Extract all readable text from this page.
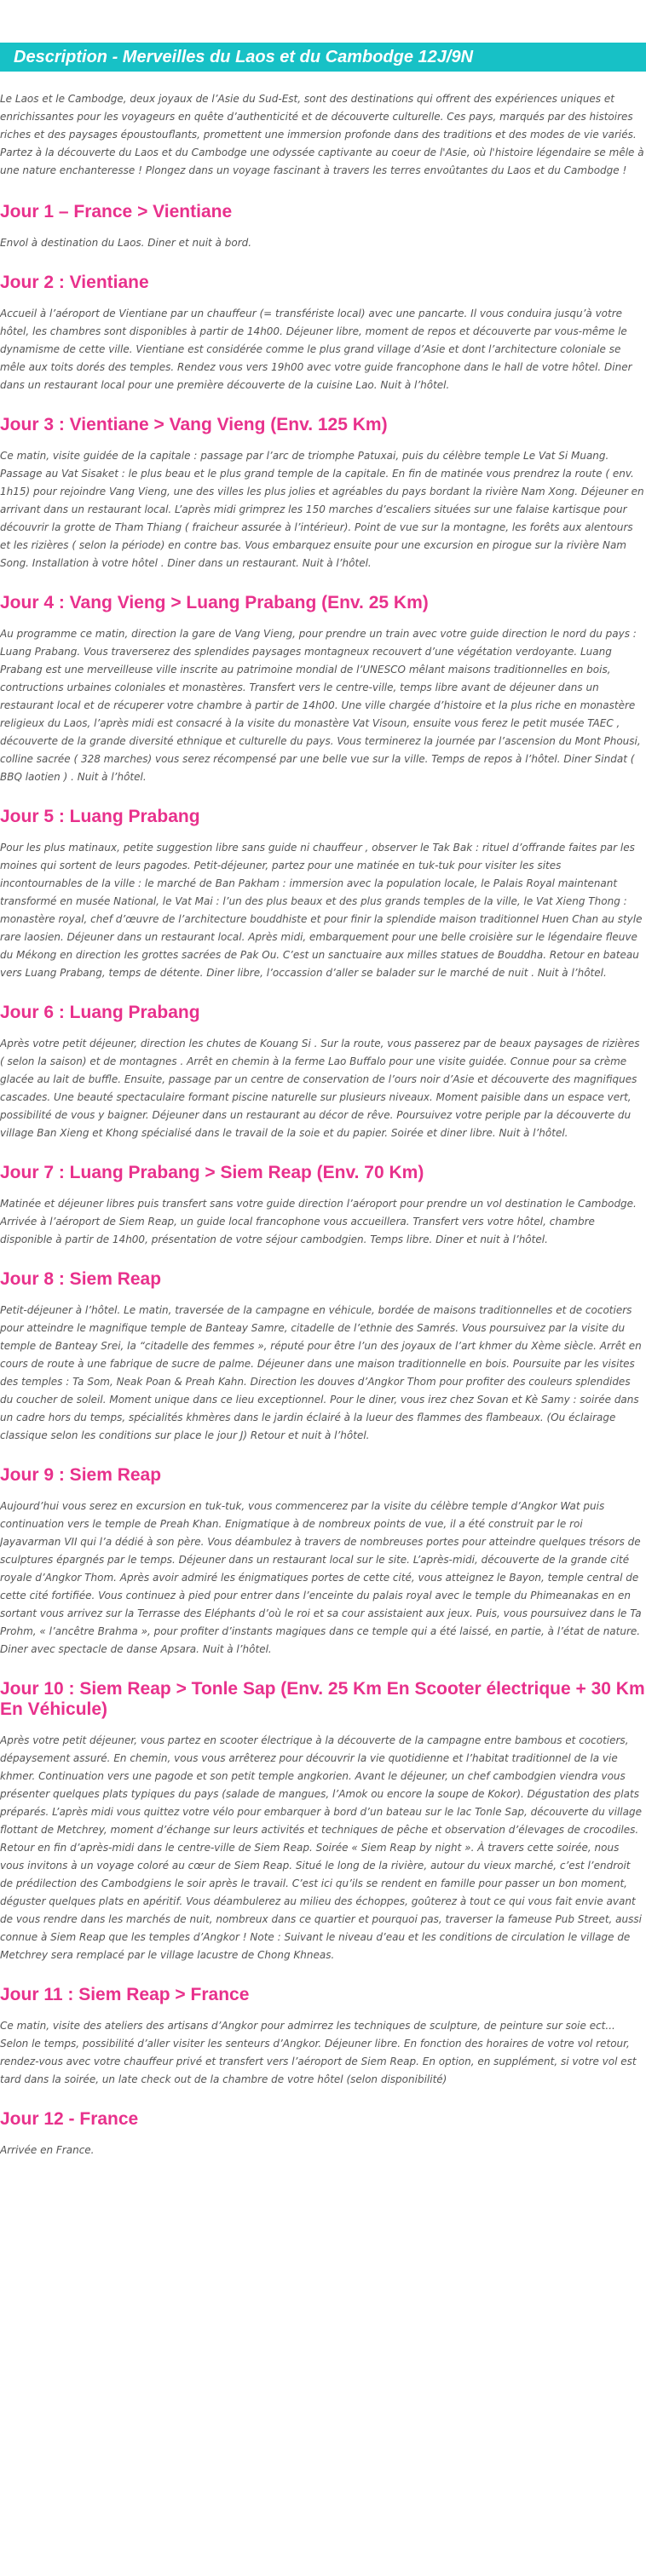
Description - Merveilles du Laos et du Cambodge 12J/9N

Le Laos et le Cambodge, deux joyaux de l’Asie du Sud-Est, sont des destinations qui offrent des expériences uniques et enrichissantes pour les voyageurs en quête d’authenticité et de découverte culturelle. Ces pays, marqués par des histoires riches et des paysages époustouflants, promettent une immersion profonde dans des traditions et des modes de vie variés. Partez à la découverte du Laos et du Cambodge une odyssée captivante au coeur de l'Asie, où l'histoire légendaire se mêle à une nature enchanteresse ! Plongez dans un voyage fascinant à travers les terres envoûtantes du Laos et du Cambodge !

Jour 1 – France > Vientiane

Envol à destination du Laos. Diner et nuit à bord.

Jour 2 : Vientiane

Accueil à l’aéroport de Vientiane par un chauffeur (= transféristе local) avec une pancarte. Il vous conduira jusqu’à votre hôtel, les chambres sont disponibles à partir de 14h00. Déjeuner libre, moment de repos et découverte par vous-même le dynamisme de cette ville. Vientiane est considérée comme le plus grand village d’Asie et dont l’architecture coloniale se mêle aux toits dorés des temples. Rendez vous vers 19h00 avec votre guide francophone dans le hall de votre hôtel. Diner dans un restaurant local pour une première découverte de la cuisine Lao. Nuit à l’hôtel.

Jour 3 : Vientiane > Vang Vieng (Env. 125 Km)

Ce matin, visite guidée de la capitale : passage par l’arc de triomphe Patuxai, puis du célèbre temple Le Vat Si Muang. Passage au Vat Sisaket : le plus beau et le plus grand temple de la capitale. En fin de matinée vous prendrez la route ( env. 1h15) pour rejoindre Vang Vieng, une des villes les plus jolies et agréables du pays bordant la rivière Nam Xong. Déjeuner en arrivant dans un restaurant local. L’après midi grimprez les 150 marches d’escaliers situées sur une falaise kartisque pour découvrir la grotte de Tham Thiang ( fraicheur assurée à l’intérieur). Point de vue sur la montagne, les forêts aux alentours et les rizières ( selon la période) en contre bas. Vous embarquez ensuite pour une excursion en pirogue sur la rivière Nam Song. Installation à votre hôtel . Diner dans un restaurant. Nuit à l’hôtel.

Jour 4 : Vang Vieng > Luang Prabang (Env. 25 Km)

Au programme ce matin, direction la gare de Vang Vieng, pour prendre un train avec votre guide direction le nord du pays : Luang Prabang. Vous traverserez des splendides paysages montagneux recouvert d’une végétation verdoyante. Luang Prabang est une merveilleuse ville inscrite au patrimoine mondial de l’UNESCO mêlant maisons traditionnelles en bois, contructions urbaines coloniales et monastères. Transfert vers le centre-ville, temps libre avant de déjeuner dans un restaurant local et de récuperer votre chambre à partir de 14h00. Une ville chargée d’histoire et la plus riche en monastère religieux du Laos, l’après midi est consacré à la visite du monastère Vat Visoun, ensuite vous ferez le petit musée TAEC , découverte de la grande diversité ethnique et culturelle du pays. Vous terminerez la journée par l’ascension du Mont Phousi, colline sacrée ( 328 marches) vous serez récompensé par une belle vue sur la ville. Temps de repos à l’hôtel. Diner Sindat ( BBQ laotien ) . Nuit à l’hôtel.

Jour 5 : Luang Prabang

Pour les plus matinaux, petite suggestion libre sans guide ni chauffeur , observer le Tak Bak : rituel d’offrande faites par les moines qui sortent de leurs pagodes. Petit-déjeuner, partez pour une matinée en tuk-tuk pour visiter les sites incontournables de la ville : le marché de Ban Pakham : immersion avec la population locale, le Palais Royal maintenant transformé en musée National, le Vat Mai : l’un des plus beaux et des plus grands temples de la ville, le Vat Xieng Thong : monastère royal, chef d’œuvre de l’architecture bouddhiste et pour finir la splendide maison traditionnel Huen Chan au style rare laosien. Déjeuner dans un restaurant local. Après midi, embarquement pour une belle croisière sur le légendaire fleuve du Mékong en direction les grottes sacrées de Pak Ou. C’est un sanctuaire aux milles statues de Bouddha. Retour en bateau vers Luang Prabang, temps de détente. Diner libre, l’occassion d’aller se balader sur le marché de nuit . Nuit à l’hôtel.

Jour 6 : Luang Prabang

Après votre petit déjeuner, direction les chutes de Kouang Si . Sur la route, vous passerez par de beaux paysages de rizières ( selon la saison) et de montagnes . Arrêt en chemin à la ferme Lao Buffalo pour une visite guidée. Connue pour sa crème glacée au lait de buffle. Ensuite, passage par un centre de conservation de l’ours noir d’Asie et découverte des magnifiques cascades. Une beauté spectaculaire formant piscine naturelle sur plusieurs niveaux. Moment paisible dans un espace vert, possibilité de vous y baigner. Déjeuner dans un restaurant au décor de rêve. Poursuivez votre periple par la découverte du village Ban Xieng et Khong spécialisé dans le travail de la soie et du papier. Soirée et diner libre. Nuit à l’hôtel.

Jour 7 : Luang Prabang > Siem Reap (Env. 70 Km)

Matinée et déjeuner libres puis transfert sans votre guide direction l’aéroport pour prendre un vol destination le Cambodge. Arrivée à l’aéroport de Siem Reap, un guide local francophone vous accueillera. Transfert vers votre hôtel, chambre disponible à partir de 14h00, présentation de votre séjour cambodgien. Temps libre. Diner et nuit à l’hôtel.

Jour 8 : Siem Reap

Petit-déjeuner à l’hôtel. Le matin, traversée de la campagne en véhicule, bordée de maisons traditionnelles et de cocotiers pour atteindre le magnifique temple de Banteay Samre, citadelle de l’ethnie des Samrés. Vous poursuivez par la visite du temple de Banteay Srei, la “citadelle des femmes », réputé pour être l’un des joyaux de l’art khmer du Xème siècle. Arrêt en cours de route à une fabrique de sucre de palme. Déjeuner dans une maison traditionnelle en bois. Poursuite par les visites des temples : Ta Som, Neak Poan & Preah Kahn. Direction les douves d’Angkor Thom pour profiter des couleurs splendides du coucher de soleil. Moment unique dans ce lieu exceptionnel. Pour le diner, vous irez chez Sovan et Kè Samy : soirée dans un cadre hors du temps, spécialités khmères dans le jardin éclairé à la lueur des flammes des flambeaux. (Ou éclairage classique selon les conditions sur place le jour J) Retour et nuit à l’hôtel.

Jour 9 : Siem Reap

Aujourd’hui vous serez en excursion en tuk-tuk, vous commencerez par la visite du célèbre temple d’Angkor Wat puis continuation vers le temple de Preah Khan. Enigmatique à de nombreux points de vue, il a été construit par le roi Jayavarman VII qui l’a dédié à son père. Vous déambulez à travers de nombreuses portes pour atteindre quelques trésors de sculptures épargnés par le temps. Déjeuner dans un restaurant local sur le site. L’après-midi, découverte de la grande cité royale d’Angkor Thom. Après avoir admiré les énigmatiques portes de cette cité, vous atteignez le Bayon, temple central de cette cité fortifiée. Vous continuez à pied pour entrer dans l’enceinte du palais royal avec le temple du Phimeanakas en en sortant vous arrivez sur la Terrasse des Eléphants d’où le roi et sa cour assistaient aux jeux. Puis, vous poursuivez dans le Ta Prohm, « l’ancêtre Brahma », pour profiter d’instants magiques dans ce temple qui a été laissé, en partie, à l’état de nature. Diner avec spectacle de danse Apsara. Nuit à l’hôtel.

Jour 10 : Siem Reap > Tonle Sap (Env. 25 Km En Scooter électrique + 30 Km En Véhicule)

Après votre petit déjeuner, vous partez en scooter électrique à la découverte de la campagne entre bambous et cocotiers, dépaysement assuré. En chemin, vous vous arrêterez pour découvrir la vie quotidienne et l’habitat traditionnel de la vie khmer. Continuation vers une pagode et son petit temple angkorien. Avant le déjeuner, un chef cambodgien viendra vous présenter quelques plats typiques du pays (salade de mangues, l’Amok ou encore la soupe de Kokor). Dégustation des plats préparés. L’après midi vous quittez votre vélo pour embarquer à bord d’un bateau sur le lac Tonle Sap, découverte du village flottant de Metchrey, moment d’échange sur leurs activités et techniques de pêche et observation d’élevages de crocodiles. Retour en fin d’après-midi dans le centre-ville de Siem Reap. Soirée « Siem Reap by night ». À travers cette soirée, nous vous invitons à un voyage coloré au cœur de Siem Reap. Situé le long de la rivière, autour du vieux marché, c’est l’endroit de prédilection des Cambodgiens le soir après le travail. C’est ici qu’ils se rendent en famille pour passer un bon moment, déguster quelques plats en apéritif. Vous déambulerez au milieu des échoppes, goûterez à tout ce qui vous fait envie avant de vous rendre dans les marchés de nuit, nombreux dans ce quartier et pourquoi pas, traverser la fameuse Pub Street, aussi connue à Siem Reap que les temples d’Angkor ! Note : Suivant le niveau d’eau et les conditions de circulation le village de Metchrey sera remplacé par le village lacustre de Chong Khneas.

Jour 11 : Siem Reap > France

Ce matin, visite des ateliers des artisans d’Angkor pour admirrez les techniques de sculpture, de peinture sur soie ect... Selon le temps, possibilité d’aller visiter les senteurs d’Angkor. Déjeuner libre. En fonction des horaires de votre vol retour, rendez-vous avec votre chauffeur privé et transfert vers l’aéroport de Siem Reap. En option, en supplément, si votre vol est tard dans la soirée, un late check out de la chambre de votre hôtel (selon disponibilité)

Jour 12 - France

Arrivée en France.
